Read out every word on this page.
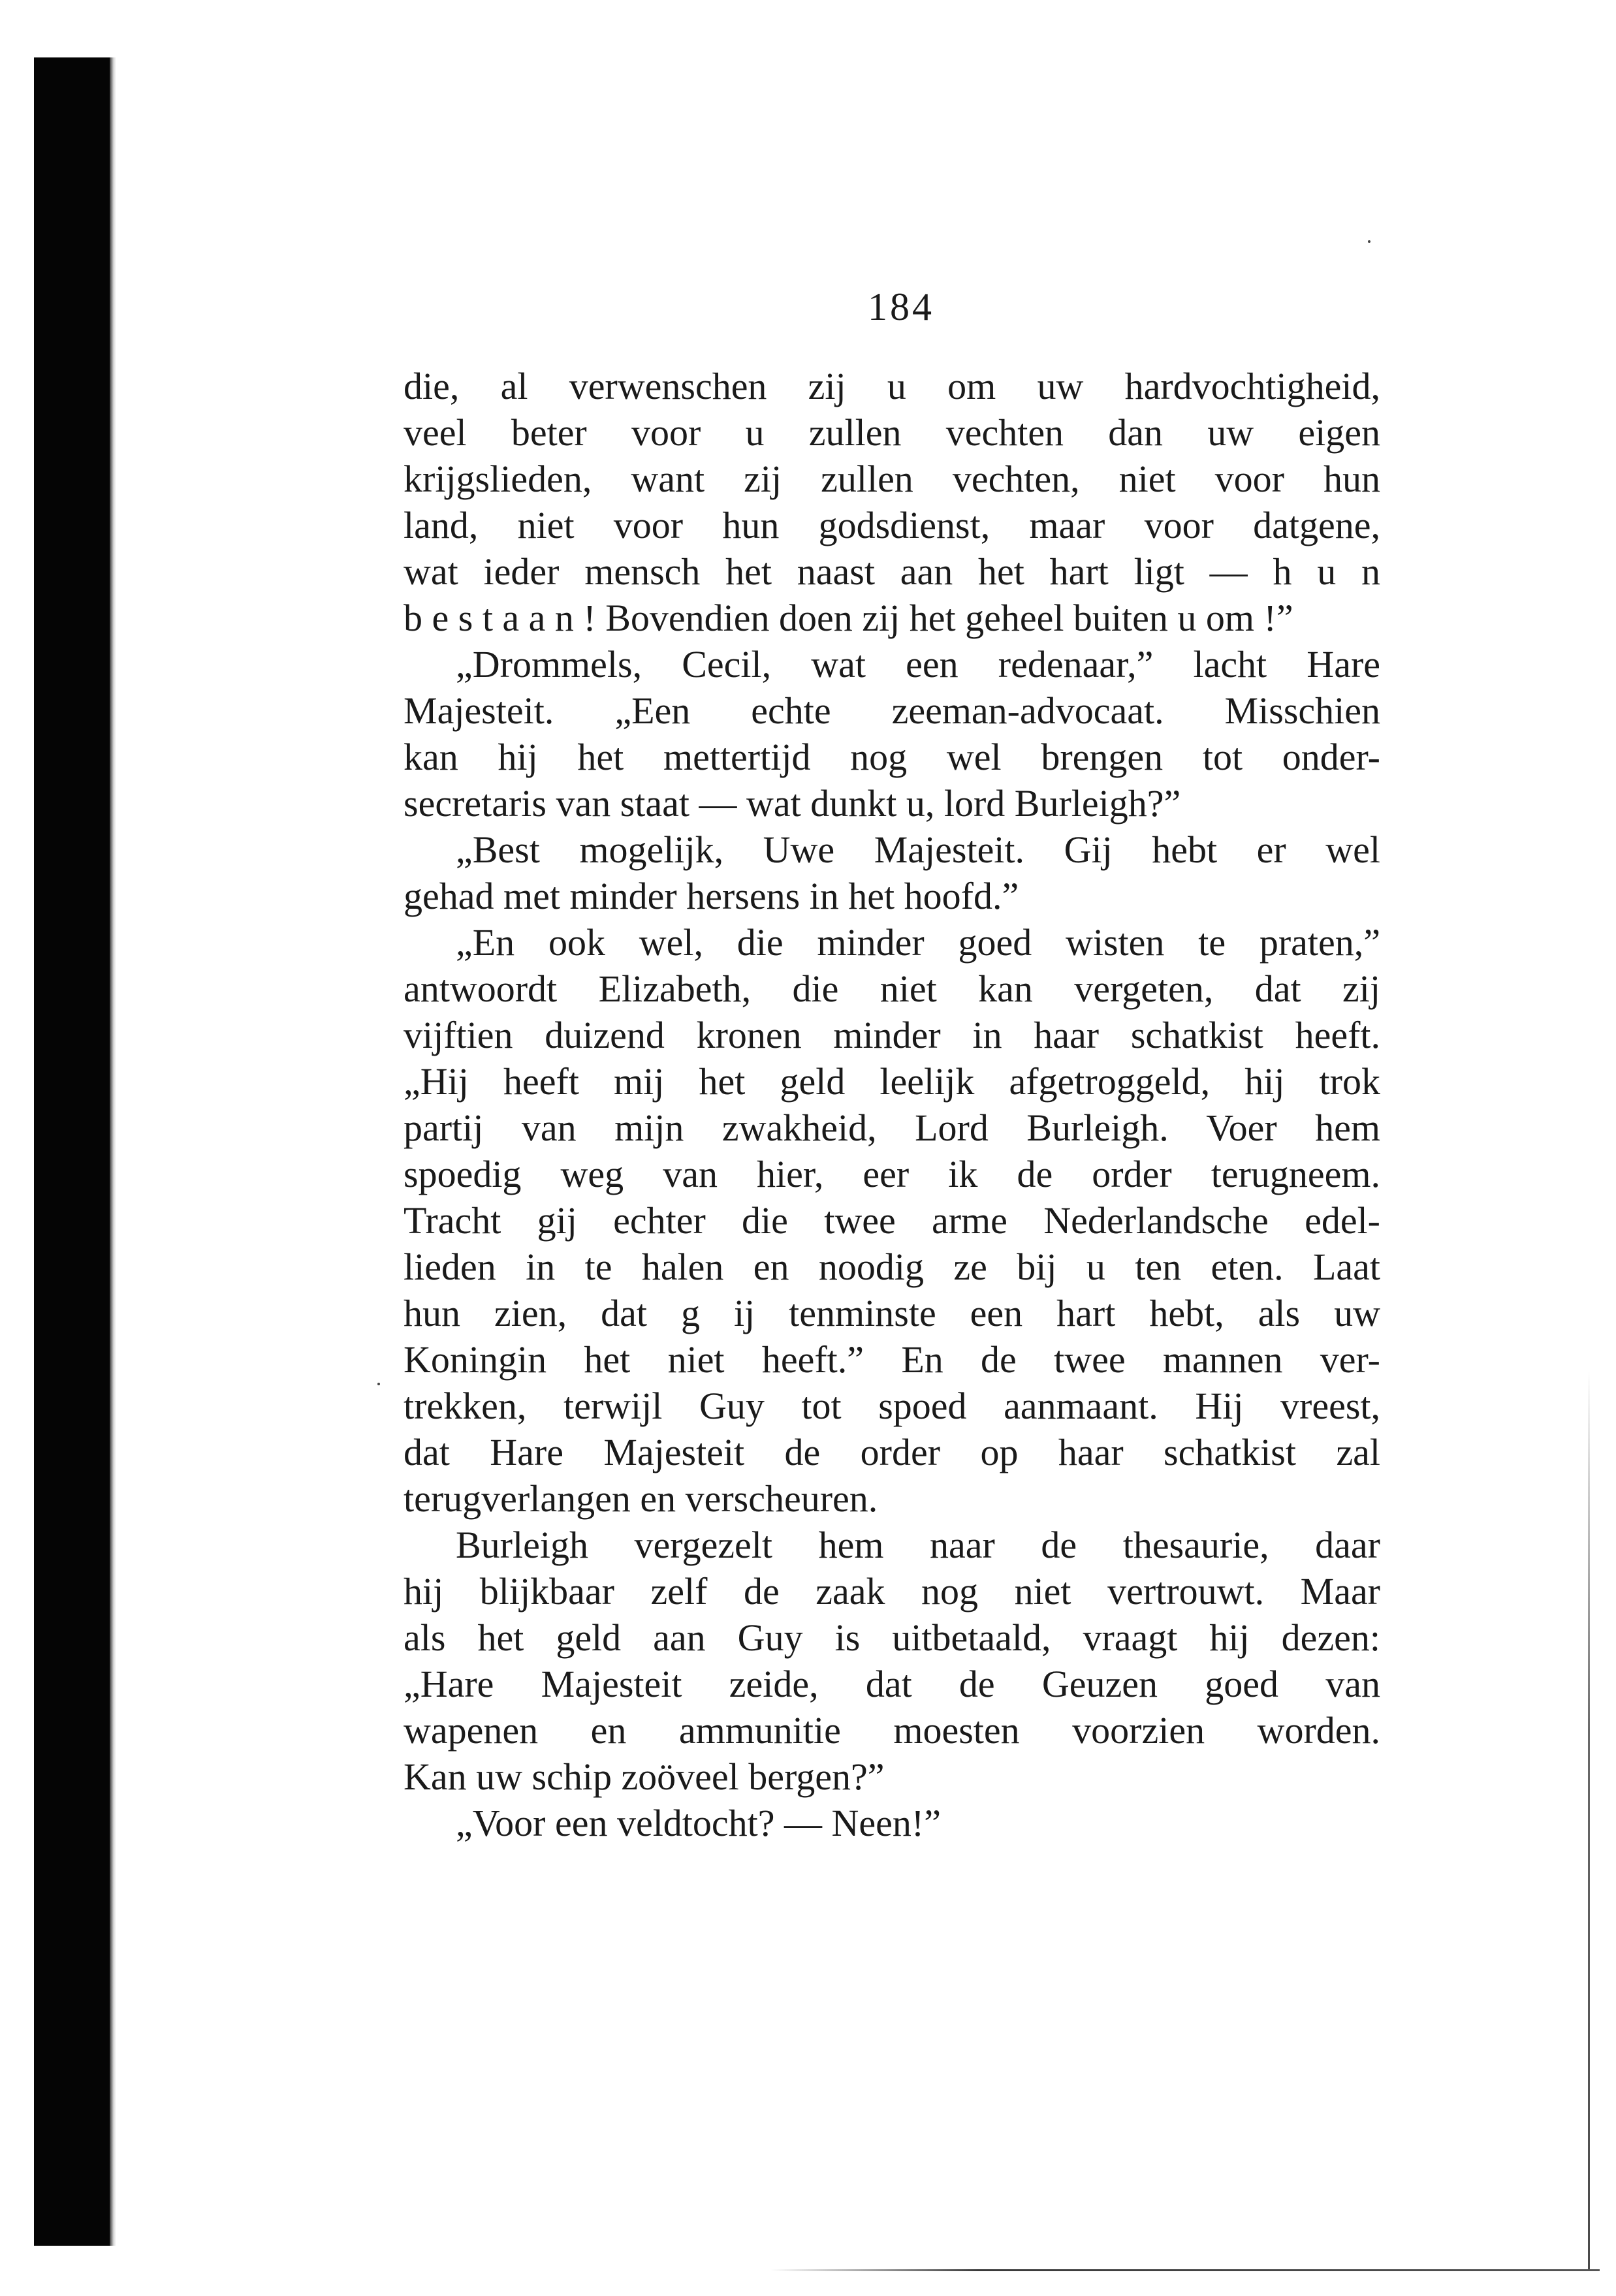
184
die, al verwenschen zij u om uw hardvochtigheid,
veel beter voor u zullen vechten dan uw eigen
krijgslieden, want zij zullen vechten, niet voor hun
land, niet voor hun godsdienst, maar voor datgene,
wat ieder mensch het naast aan het hart ligt — h u n
b e s t a a n ! Bovendien doen zij het geheel buiten u om !”
„Drommels, Cecil, wat een redenaar,” lacht Hare
Majesteit. „Een echte zeeman-advocaat. Misschien
kan hij het mettertijd nog wel brengen tot onder-
secretaris van staat — wat dunkt u, lord Burleigh?”
„Best mogelijk, Uwe Majesteit. Gij hebt er wel
gehad met minder hersens in het hoofd.”
„En ook wel, die minder goed wisten te praten,”
antwoordt Elizabeth, die niet kan vergeten, dat zij
vijftien duizend kronen minder in haar schatkist heeft.
„Hij heeft mij het geld leelijk afgetroggeld, hij trok
partij van mijn zwakheid, Lord Burleigh. Voer hem
spoedig weg van hier, eer ik de order terugneem.
Tracht gij echter die twee arme Nederlandsche edel-
lieden in te halen en noodig ze bij u ten eten. Laat
hun zien, dat g ij tenminste een hart hebt, als uw
Koningin het niet heeft.” En de twee mannen ver-
trekken, terwijl Guy tot spoed aanmaant. Hij vreest,
dat Hare Majesteit de order op haar schatkist zal
terugverlangen en verscheuren.
Burleigh vergezelt hem naar de thesaurie, daar
hij blijkbaar zelf de zaak nog niet vertrouwt. Maar
als het geld aan Guy is uitbetaald, vraagt hij dezen:
„Hare Majesteit zeide, dat de Geuzen goed van
wapenen en ammunitie moesten voorzien worden.
Kan uw schip zoöveel bergen?”
„Voor een veldtocht? — Neen!”
